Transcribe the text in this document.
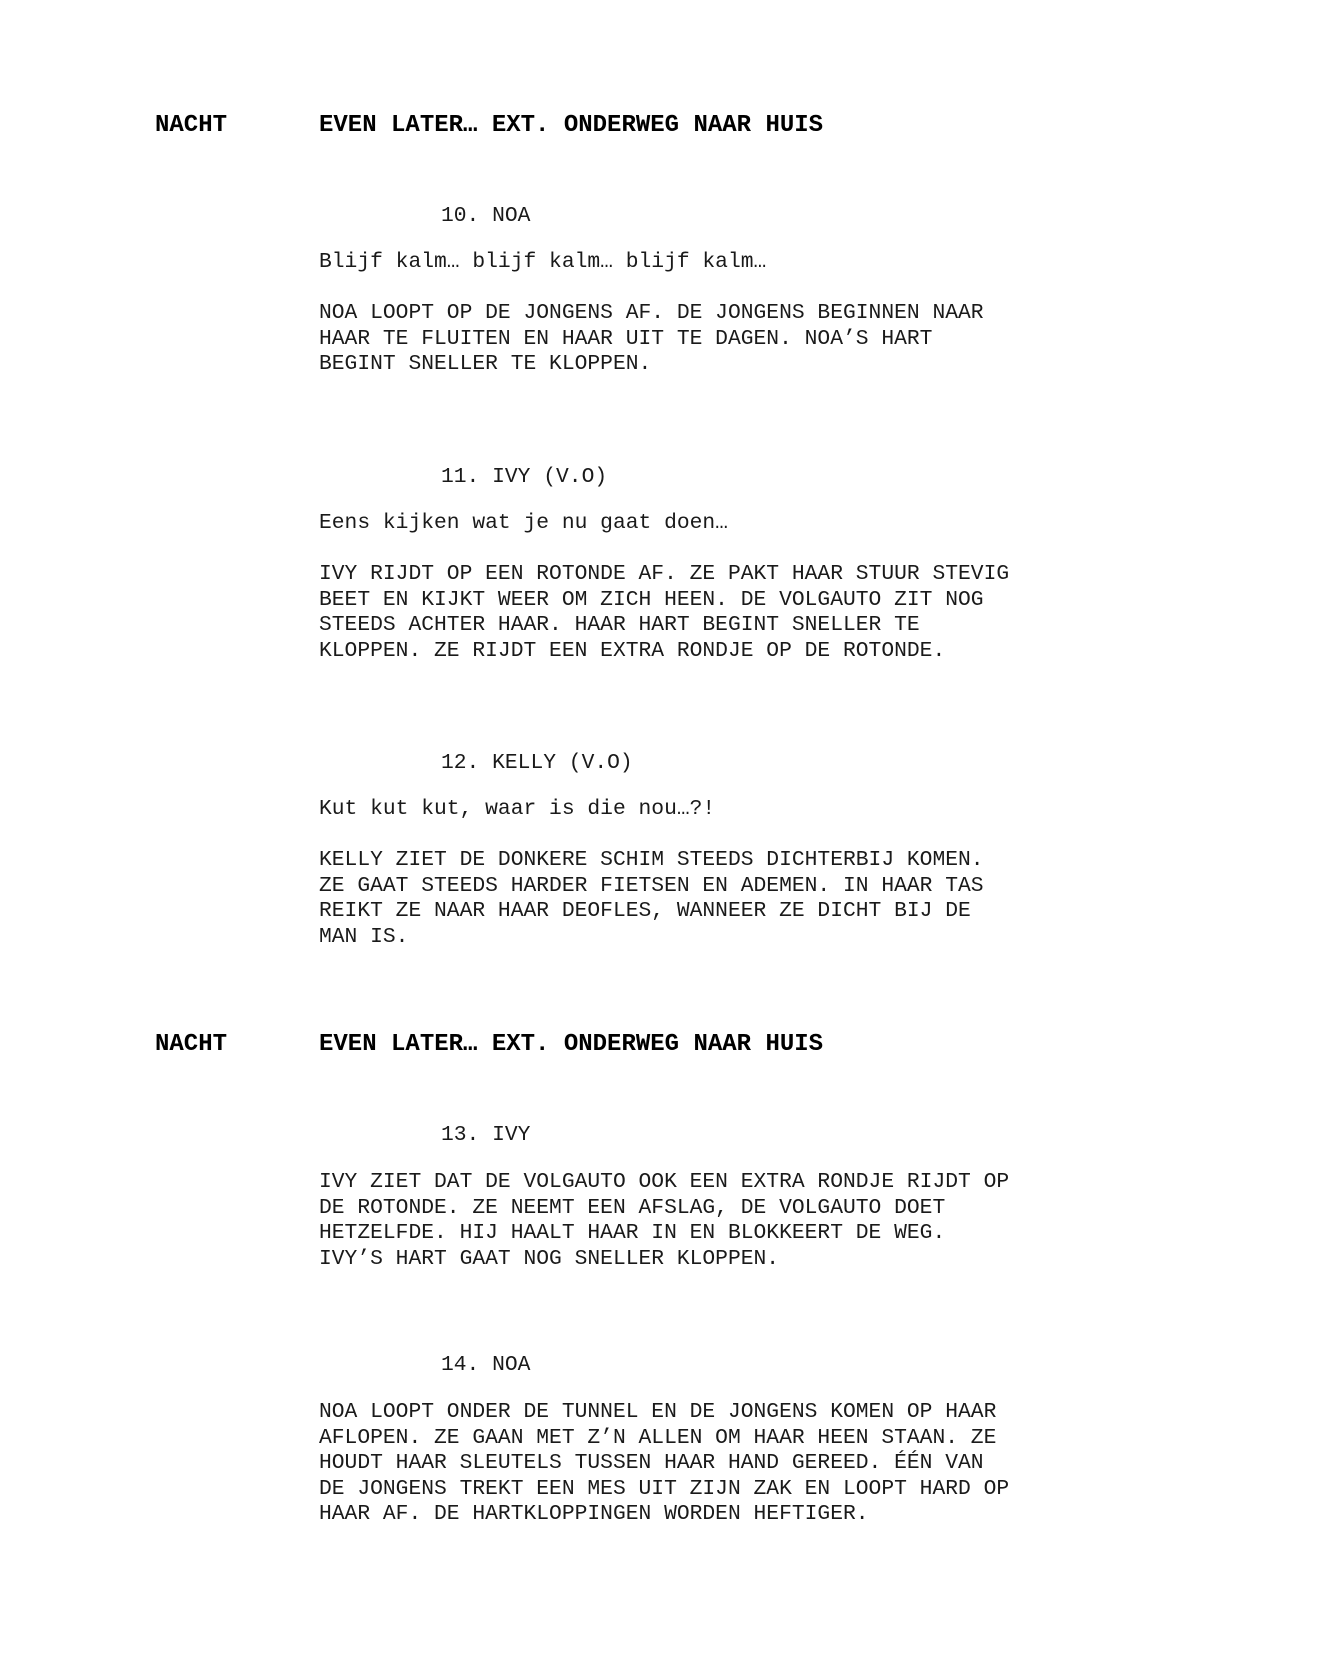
NACHT	EVEN LATER… EXT. ONDERWEG NAAR HUIS
10. NOA
Blijf kalm… blijf kalm… blijf kalm…
NOA LOOPT OP DE JONGENS AF. DE JONGENS BEGINNEN NAAR
HAAR TE FLUITEN EN HAAR UIT TE DAGEN. NOA’S HART
BEGINT SNELLER TE KLOPPEN.
11. IVY (V.O)
Eens kijken wat je nu gaat doen…
IVY RIJDT OP EEN ROTONDE AF. ZE PAKT HAAR STUUR STEVIG
BEET EN KIJKT WEER OM ZICH HEEN. DE VOLGAUTO ZIT NOG
STEEDS ACHTER HAAR. HAAR HART BEGINT SNELLER TE
KLOPPEN. ZE RIJDT EEN EXTRA RONDJE OP DE ROTONDE.
12. KELLY (V.O)
Kut kut kut, waar is die nou…?!
KELLY ZIET DE DONKERE SCHIM STEEDS DICHTERBIJ KOMEN.
ZE GAAT STEEDS HARDER FIETSEN EN ADEMEN. IN HAAR TAS
REIKT ZE NAAR HAAR DEOFLES, WANNEER ZE DICHT BIJ DE
MAN IS.
NACHT	EVEN LATER… EXT. ONDERWEG NAAR HUIS
13. IVY
IVY ZIET DAT DE VOLGAUTO OOK EEN EXTRA RONDJE RIJDT OP
DE ROTONDE. ZE NEEMT EEN AFSLAG, DE VOLGAUTO DOET
HETZELFDE. HIJ HAALT HAAR IN EN BLOKKEERT DE WEG.
IVY’S HART GAAT NOG SNELLER KLOPPEN.
14. NOA
NOA LOOPT ONDER DE TUNNEL EN DE JONGENS KOMEN OP HAAR
AFLOPEN. ZE GAAN MET Z’N ALLEN OM HAAR HEEN STAAN. ZE
HOUDT HAAR SLEUTELS TUSSEN HAAR HAND GEREED. ÉÉN VAN
DE JONGENS TREKT EEN MES UIT ZIJN ZAK EN LOOPT HARD OP
HAAR AF. DE HARTKLOPPINGEN WORDEN HEFTIGER.
